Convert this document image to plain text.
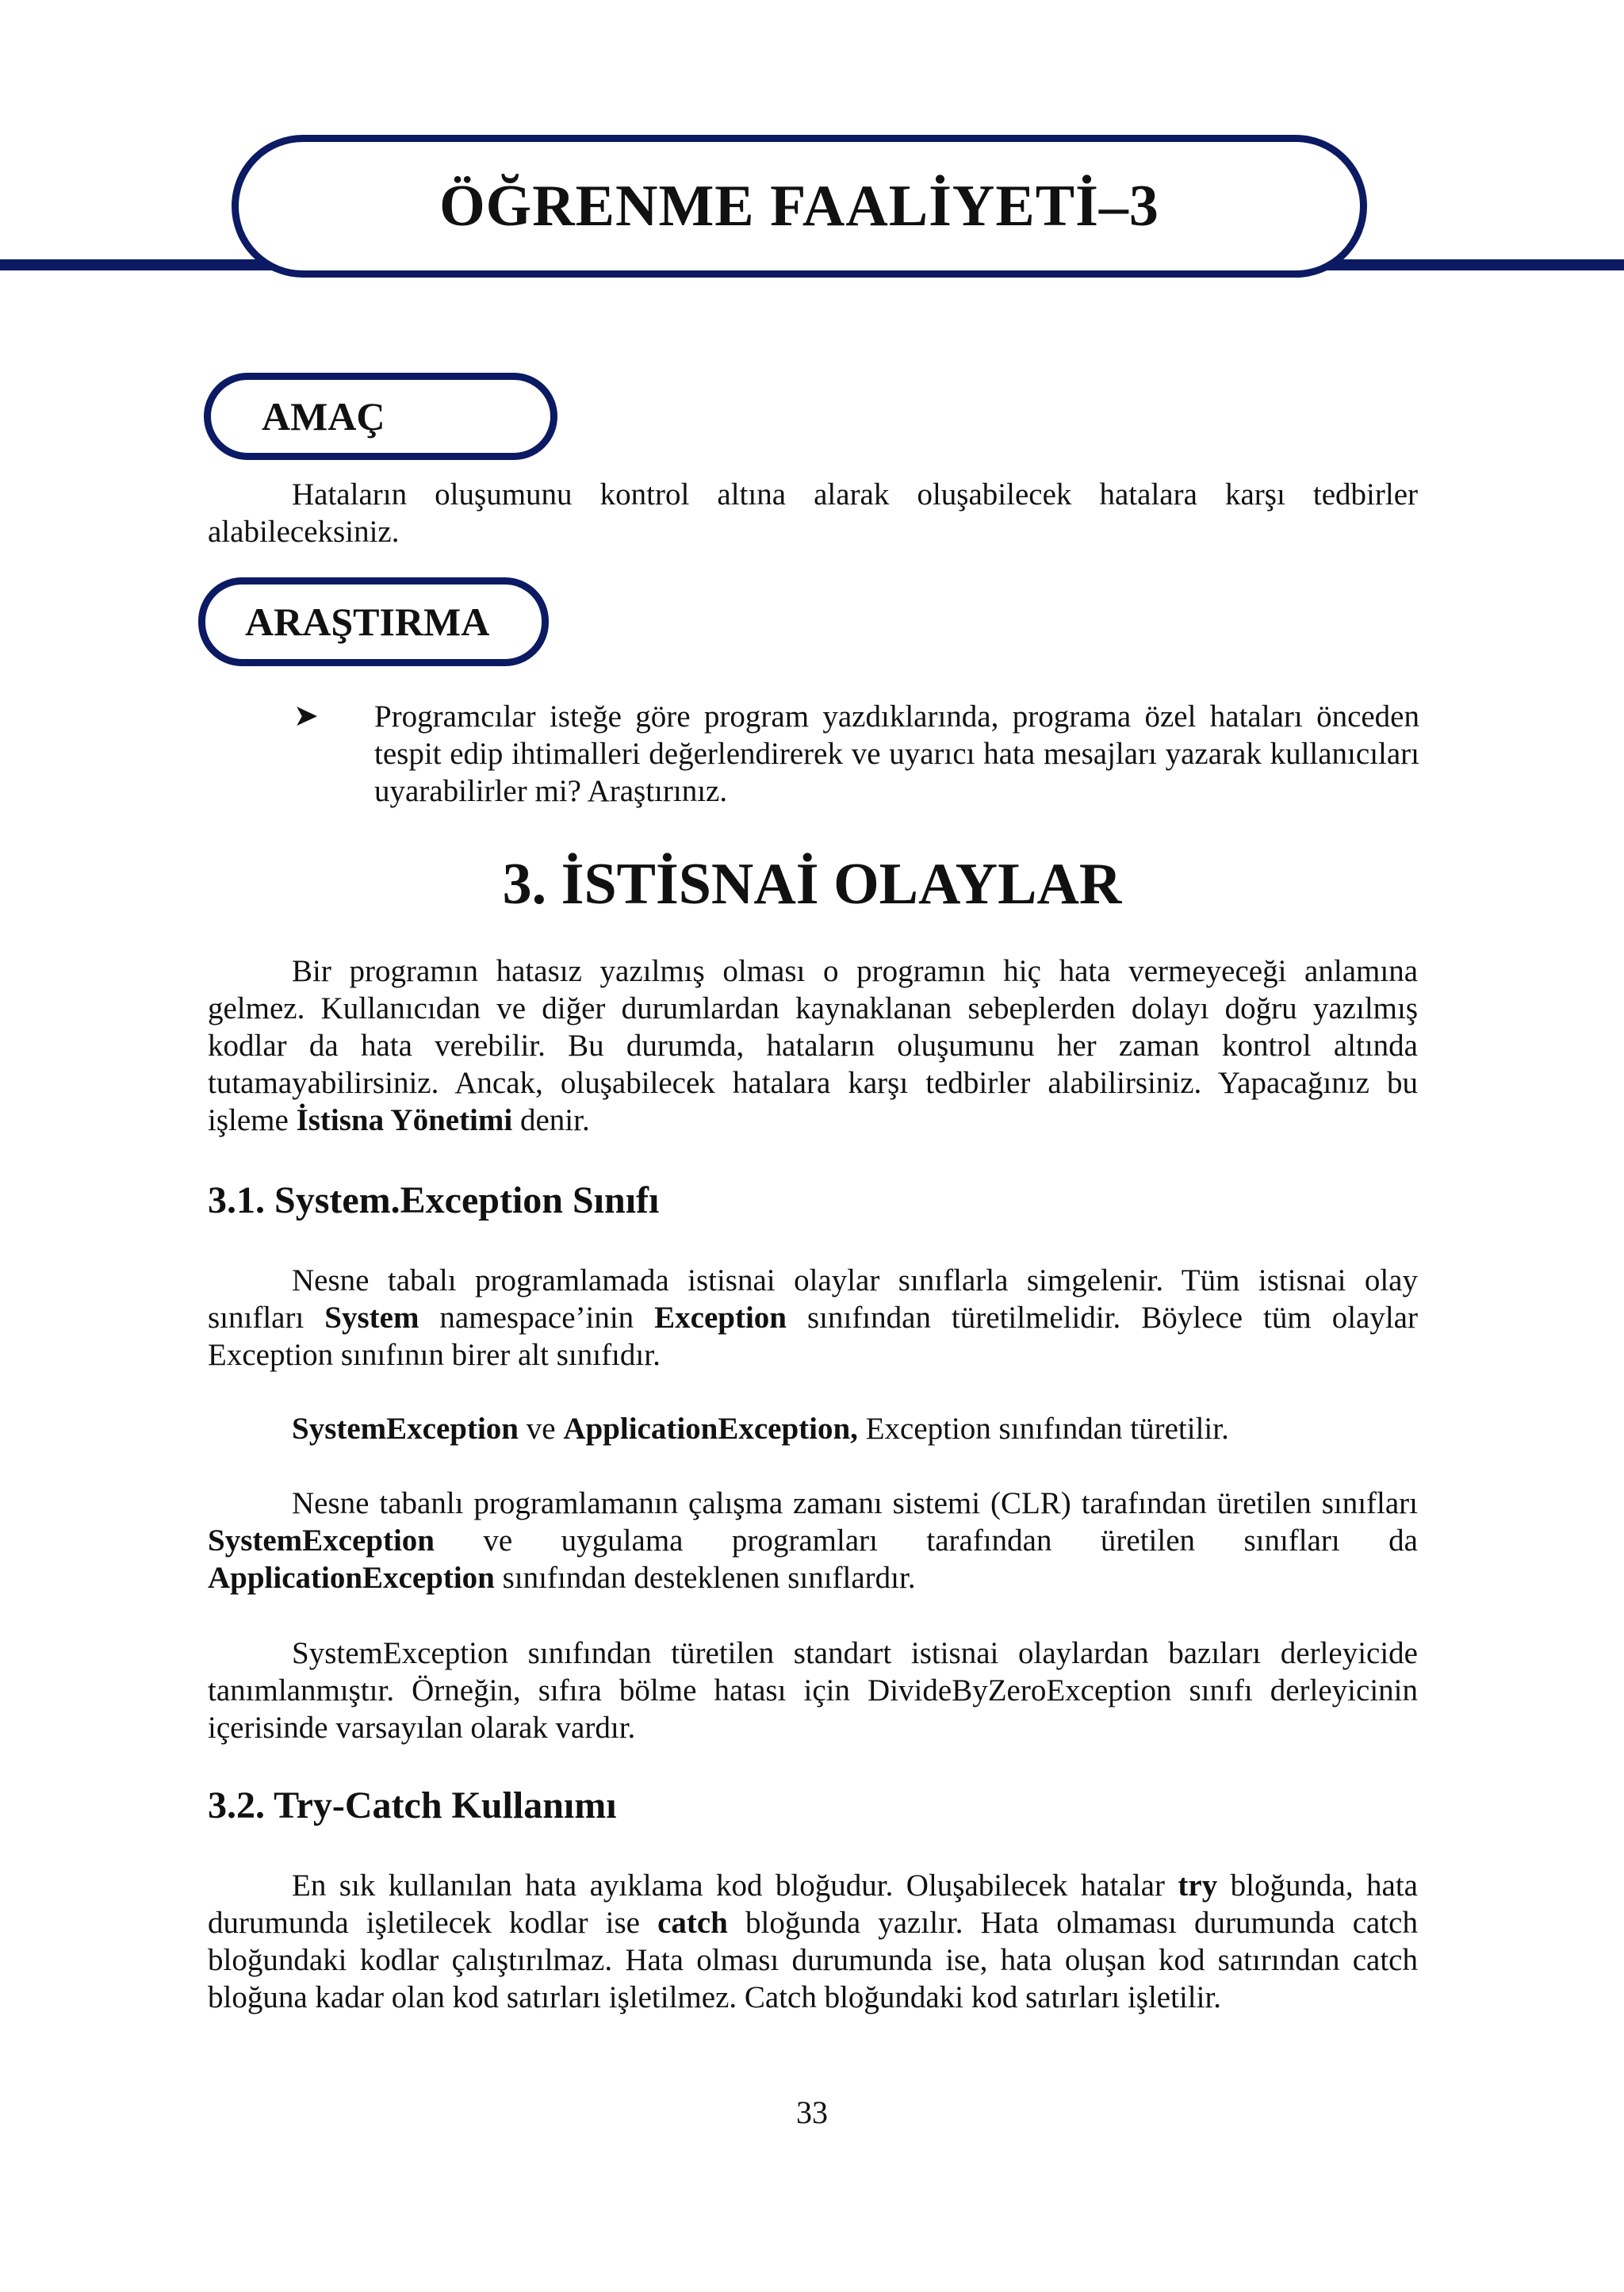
ÖĞRENME FAALİYETİ–3
AMAÇ

Hataların oluşumunu kontrol altına alarak oluşabilecek hatalara karşı tedbirler alabileceksiniz.

ARAŞTIRMA
➤ Programcılar isteğe göre program yazdıklarında, programa özel hataları önceden tespit edip ihtimalleri değerlendirerek ve uyarıcı hata mesajları yazarak kullanıcıları uyarabilirler mi? Araştırınız.

3. İSTİSNAİ OLAYLAR

Bir programın hatasız yazılmış olması o programın hiç hata vermeyeceği anlamına gelmez. Kullanıcıdan ve diğer durumlardan kaynaklanan sebeplerden dolayı doğru yazılmış kodlar da hata verebilir. Bu durumda, hataların oluşumunu her zaman kontrol altında tutamayabilirsiniz. Ancak, oluşabilecek hatalara karşı tedbirler alabilirsiniz. Yapacağınız bu işleme İstisna Yönetimi denir.

3.1. System.Exception Sınıfı

Nesne tabalı programlamada istisnai olaylar sınıflarla simgelenir. Tüm istisnai olay sınıfları System namespace’inin Exception sınıfından türetilmelidir. Böylece tüm olaylar Exception sınıfının birer alt sınıfıdır.

SystemException ve ApplicationException, Exception sınıfından türetilir.

Nesne tabanlı programlamanın çalışma zamanı sistemi (CLR) tarafından üretilen sınıfları SystemException ve uygulama programları tarafından üretilen sınıfları da ApplicationException sınıfından desteklenen sınıflardır.

SystemException sınıfından türetilen standart istisnai olaylardan bazıları derleyicide tanımlanmıştır. Örneğin, sıfıra bölme hatası için DivideByZeroException sınıfı derleyicinin içerisinde varsayılan olarak vardır.

3.2. Try-Catch Kullanımı

En sık kullanılan hata ayıklama kod bloğudur. Oluşabilecek hatalar try bloğunda, hata durumunda işletilecek kodlar ise catch bloğunda yazılır. Hata olmaması durumunda catch bloğundaki kodlar çalıştırılmaz. Hata olması durumunda ise, hata oluşan kod satırından catch bloğuna kadar olan kod satırları işletilmez. Catch bloğundaki kod satırları işletilir.

33
